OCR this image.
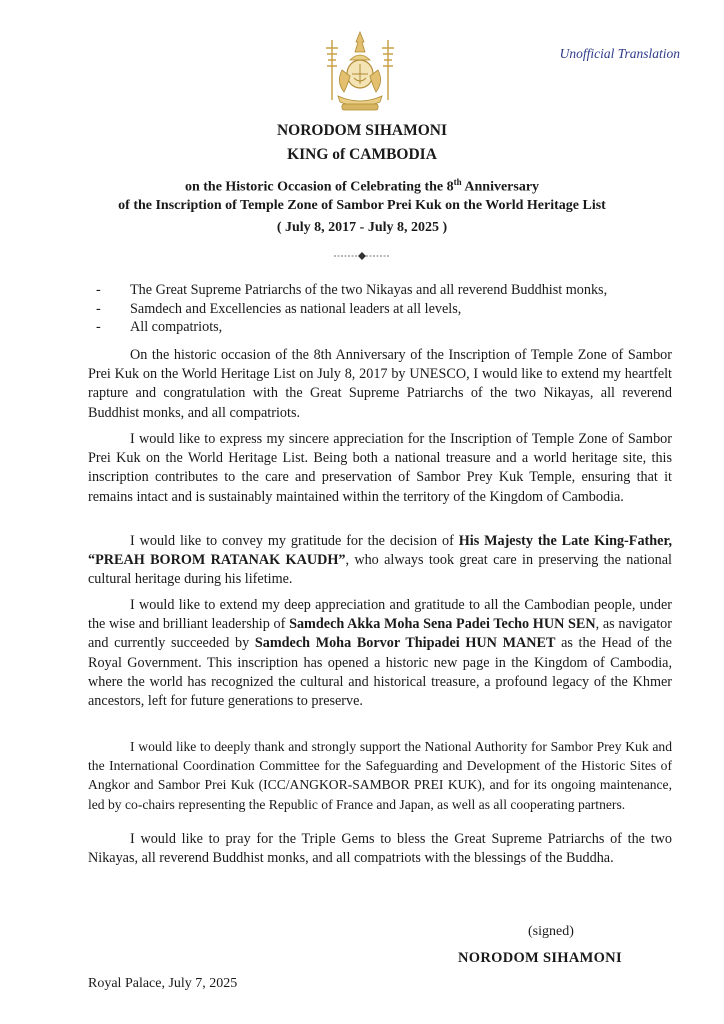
Unofficial Translation
NORODOM SIHAMONI
KING of CAMBODIA
on the Historic Occasion of Celebrating the 8th Anniversary
of the Inscription of Temple Zone of Sambor Prei Kuk on the World Heritage List
( July 8, 2017 - July 8, 2025 )
-	The Great Supreme Patriarchs of the two Nikayas and all reverend Buddhist monks,
-	Samdech and Excellencies as national leaders at all levels,
-	All compatriots,

On the historic occasion of the 8th Anniversary of the Inscription of Temple Zone of Sambor Prei Kuk on the World Heritage List on July 8, 2017 by UNESCO, I would like to extend my heartfelt rapture and congratulation with the Great Supreme Patriarchs of the two Nikayas, all reverend Buddhist monks, and all compatriots.

I would like to express my sincere appreciation for the Inscription of Temple Zone of Sambor Prei Kuk on the World Heritage List. Being both a national treasure and a world heritage site, this inscription contributes to the care and preservation of Sambor Prey Kuk Temple, ensuring that it remains intact and is sustainably maintained within the territory of the Kingdom of Cambodia.

I would like to convey my gratitude for the decision of His Majesty the Late King-Father, “PREAH BOROM RATANAK KAUDH”, who always took great care in preserving the national cultural heritage during his lifetime.

I would like to extend my deep appreciation and gratitude to all the Cambodian people, under the wise and brilliant leadership of Samdech Akka Moha Sena Padei Techo HUN SEN, as navigator and currently succeeded by Samdech Moha Borvor Thipadei HUN MANET as the Head of the Royal Government. This inscription has opened a historic new page in the Kingdom of Cambodia, where the world has recognized the cultural and historical treasure, a profound legacy of the Khmer ancestors, left for future generations to preserve.

I would like to deeply thank and strongly support the National Authority for Sambor Prey Kuk and the International Coordination Committee for the Safeguarding and Development of the Historic Sites of Angkor and Sambor Prei Kuk (ICC/ANGKOR-SAMBOR PREI KUK), and for its ongoing maintenance, led by co-chairs representing the Republic of France and Japan, as well as all cooperating partners.

I would like to pray for the Triple Gems to bless the Great Supreme Patriarchs of the two Nikayas, all reverend Buddhist monks, and all compatriots with the blessings of the Buddha.

(signed)
NORODOM SIHAMONI
Royal Palace, July 7, 2025
